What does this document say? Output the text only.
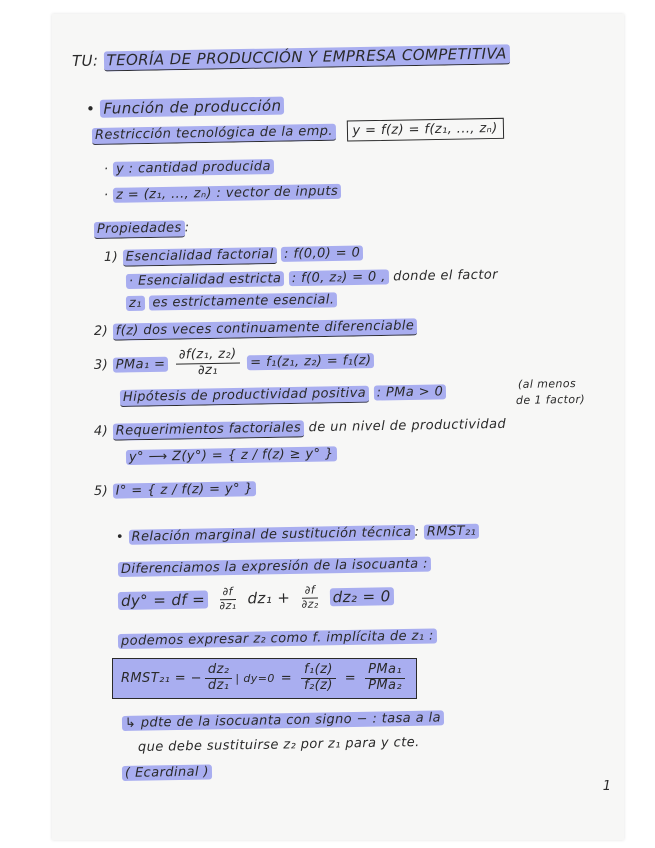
TU: TEORÍA DE PRODUCCIÓN Y EMPRESA COMPETITIVA
• Función de producción
Restricción tecnológica de la emp. y = f(z) = f(z₁, ..., zₙ)
· y : cantidad producida
· z = (z₁, ..., zₙ) : vector de inputs
Propiedades :
1) Esencialidad factorial : f(0,0) = 0
· Esencialidad estricta : f(0, z₂) = 0 , donde el factor
z₁ es estrictamente esencial.
2) f(z) dos veces continuamente diferenciable
3) $PMa_1 = \frac{\text{∂f(z₁, z₂)}}{\text{∂z₁}} = f_1(z_1$, z₂) = f₁(z)
Hipótesis de productividad positiva : PMa > 0
(al menos
de 1 factor)
4) Requerimientos factoriales de un nivel de productividad
y° ⟶ Z(y°) = { z / f(z) ≥ y° }
5) I° = { z / f(z) = y° }
• Relación marginal de sustitución técnica : RMST₂₁
Diferenciamos la expresión de la isocuanta :
dy° = df = $\frac{\partial f}{\text{∂z₁}} dz_1 + \frac{\partial f}{\text{∂z₂}} dz_2 = 0$
podemos expresar z₂ como f. implícita de z₁ :
RMST₂₁ = − $\frac{\text{dz₂}}{\text{dz₁}}$ | $dy=0 = \frac{\text{f₁(z)}}{\text{f₂(z)}} = \frac{\text{PMa₁}}{\text{PMa₂}}$
↳ pdte de la isocuanta con signo − : tasa a la
que debe sustituirse z₂ por z₁ para y cte.
( Ecardinal )
1
